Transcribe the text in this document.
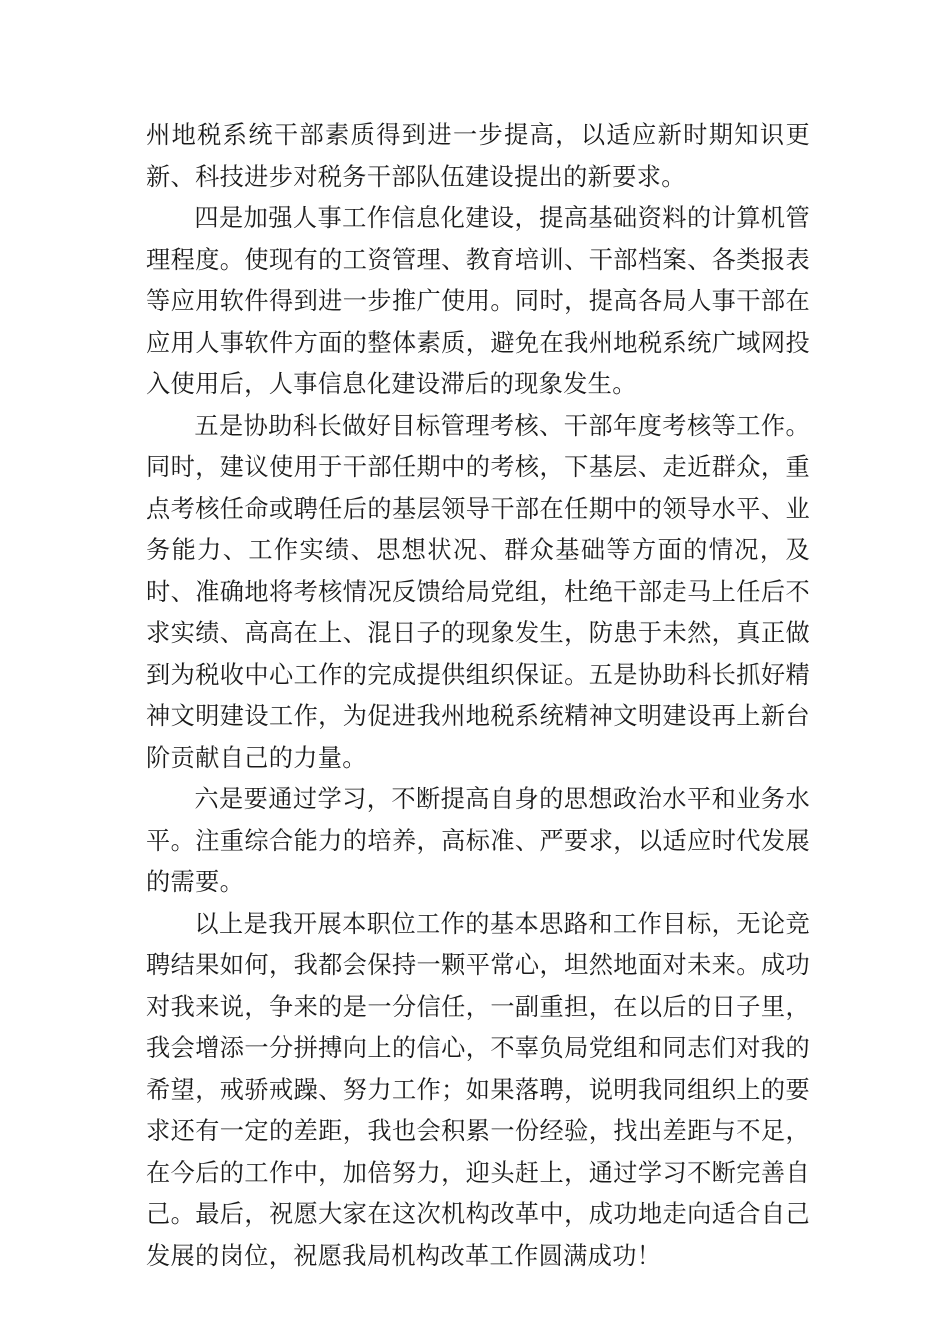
州地税系统干部素质得到进一步提高，以适应新时期知识更新、科技进步对税务干部队伍建设提出的新要求。

四是加强人事工作信息化建设，提高基础资料的计算机管理程度。使现有的工资管理、教育培训、干部档案、各类报表等应用软件得到进一步推广使用。同时，提高各局人事干部在应用人事软件方面的整体素质，避免在我州地税系统广域网投入使用后，人事信息化建设滞后的现象发生。

五是协助科长做好目标管理考核、干部年度考核等工作。同时，建议使用于干部任期中的考核，下基层、走近群众，重点考核任命或聘任后的基层领导干部在任期中的领导水平、业务能力、工作实绩、思想状况、群众基础等方面的情况，及时、准确地将考核情况反馈给局党组，杜绝干部走马上任后不求实绩、高高在上、混日子的现象发生，防患于未然，真正做到为税收中心工作的完成提供组织保证。五是协助科长抓好精神文明建设工作，为促进我州地税系统精神文明建设再上新台阶贡献自己的力量。

六是要通过学习，不断提高自身的思想政治水平和业务水平。注重综合能力的培养，高标准、严要求，以适应时代发展的需要。

以上是我开展本职位工作的基本思路和工作目标，无论竞聘结果如何，我都会保持一颗平常心，坦然地面对未来。成功对我来说，争来的是一分信任，一副重担，在以后的日子里，我会增添一分拼搏向上的信心，不辜负局党组和同志们对我的希望，戒骄戒躁、努力工作；如果落聘，说明我同组织上的要求还有一定的差距，我也会积累一份经验，找出差距与不足，在今后的工作中，加倍努力，迎头赶上，通过学习不断完善自己。最后，祝愿大家在这次机构改革中，成功地走向适合自己发展的岗位，祝愿我局机构改革工作圆满成功！
